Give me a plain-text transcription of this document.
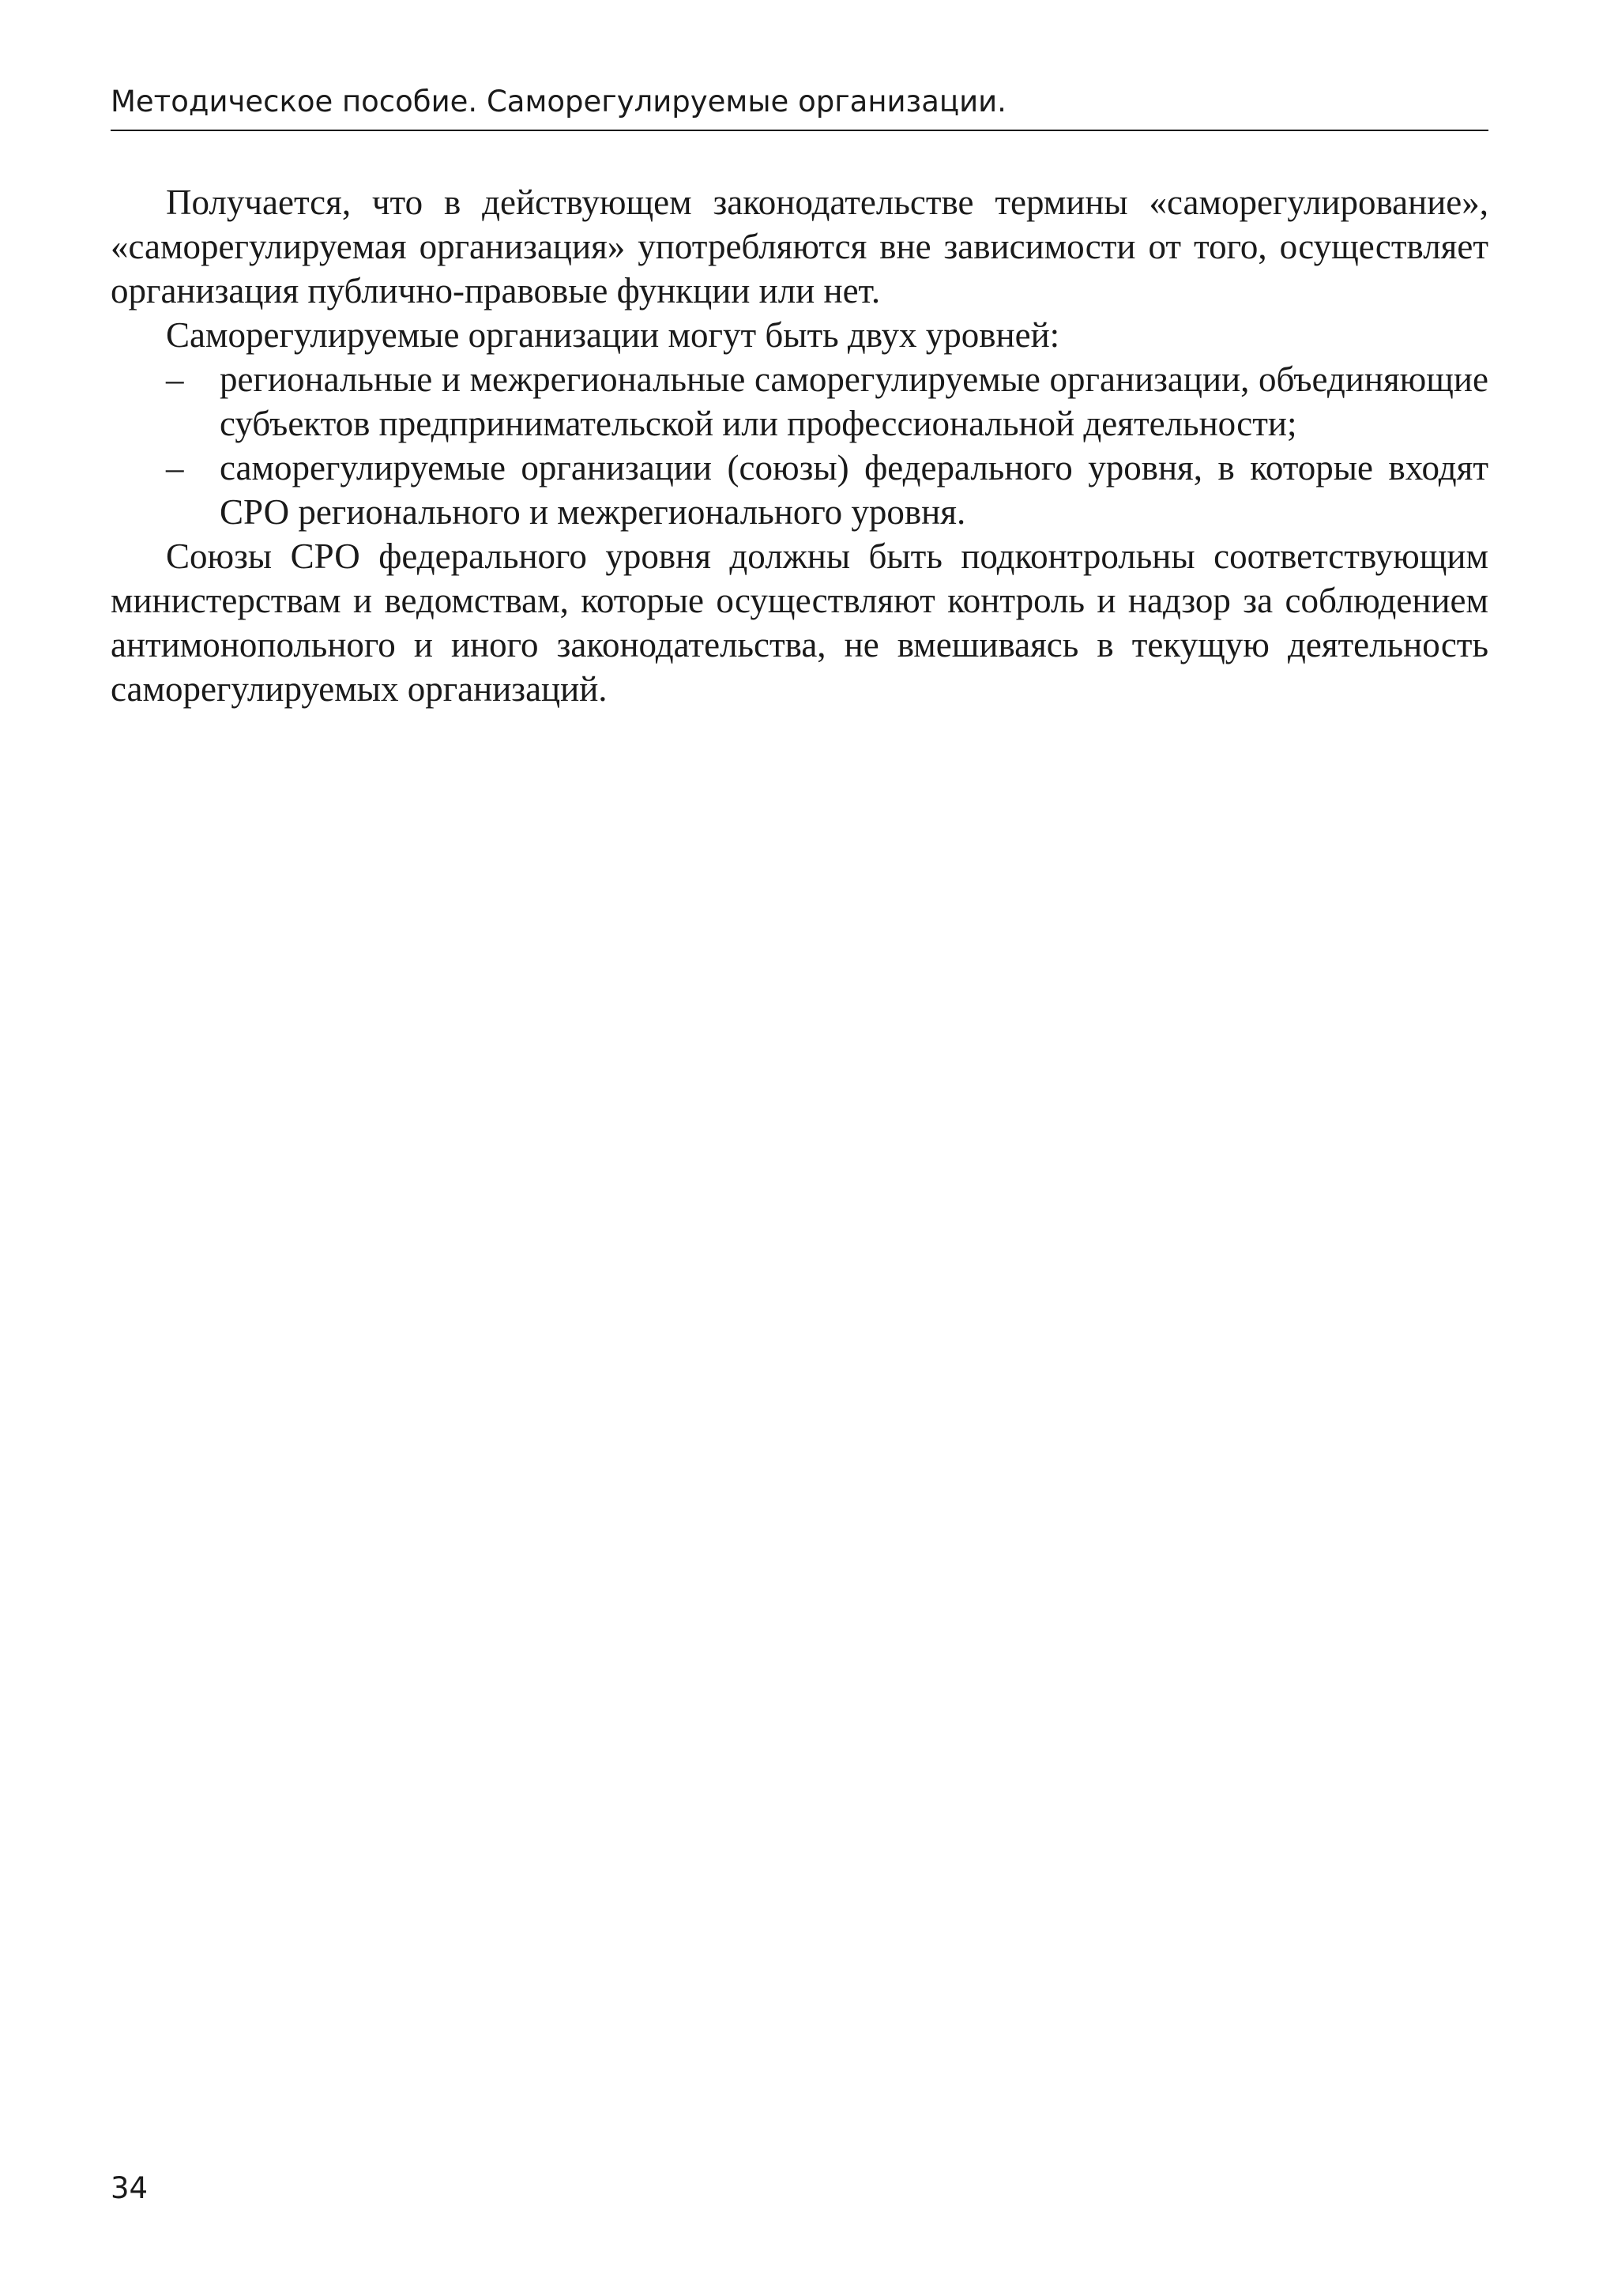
Методическое пособие. Саморегулируемые организации.

Получается, что в действующем законодательстве термины «саморегулирование», «саморегулируемая организация» употребляются вне зависимости от того, осуществляет организация публично-правовые функции или нет.

Саморегулируемые организации могут быть двух уровней:

– региональные и межрегиональные саморегулируемые организации, объединяющие субъектов предпринимательской или профессиональной деятельности;
– саморегулируемые организации (союзы) федерального уровня, в которые входят СРО регионального и межрегионального уровня.

Союзы СРО федерального уровня должны быть подконтрольны соответствующим министерствам и ведомствам, которые осуществляют контроль и надзор за соблюдением антимонопольного и иного законодательства, не вмешиваясь в текущую деятельность саморегулируемых организаций.

34
